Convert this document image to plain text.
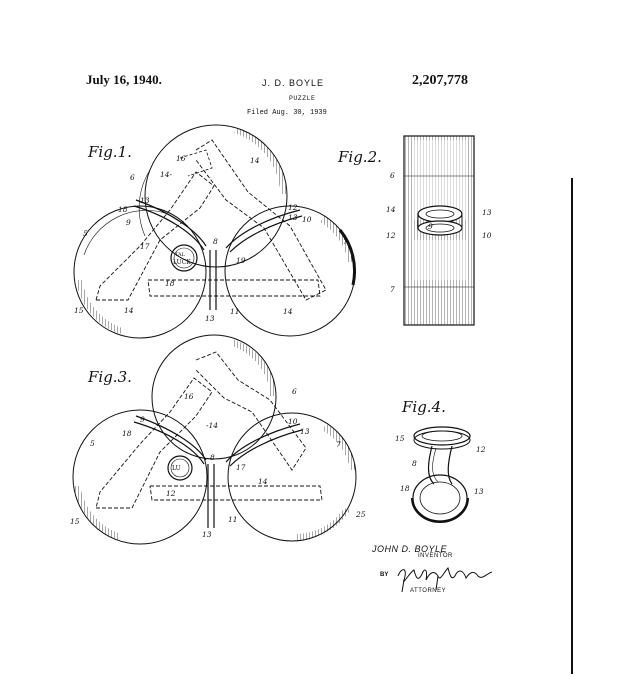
July 16, 1940.	J. D. BOYLE
PUZZLE
Filed Aug. 30, 1939
2,207,778
16	14
6	14-
18
13
12
9
13 10
5
17
8	7
19
18
15	14
13
11	14
TAL
LUCK
Fig.1.
6
14	13
12
9
10
7
Fig.2.
6
16
-14
9	10
18	13
5
8
17
7
12
14
15
25
13
11
LU
Fig.3.
15
12
8
18	13
Fig.4.
JOHN D. BOYLE
INVENTOR
BY
ATTORNEY
